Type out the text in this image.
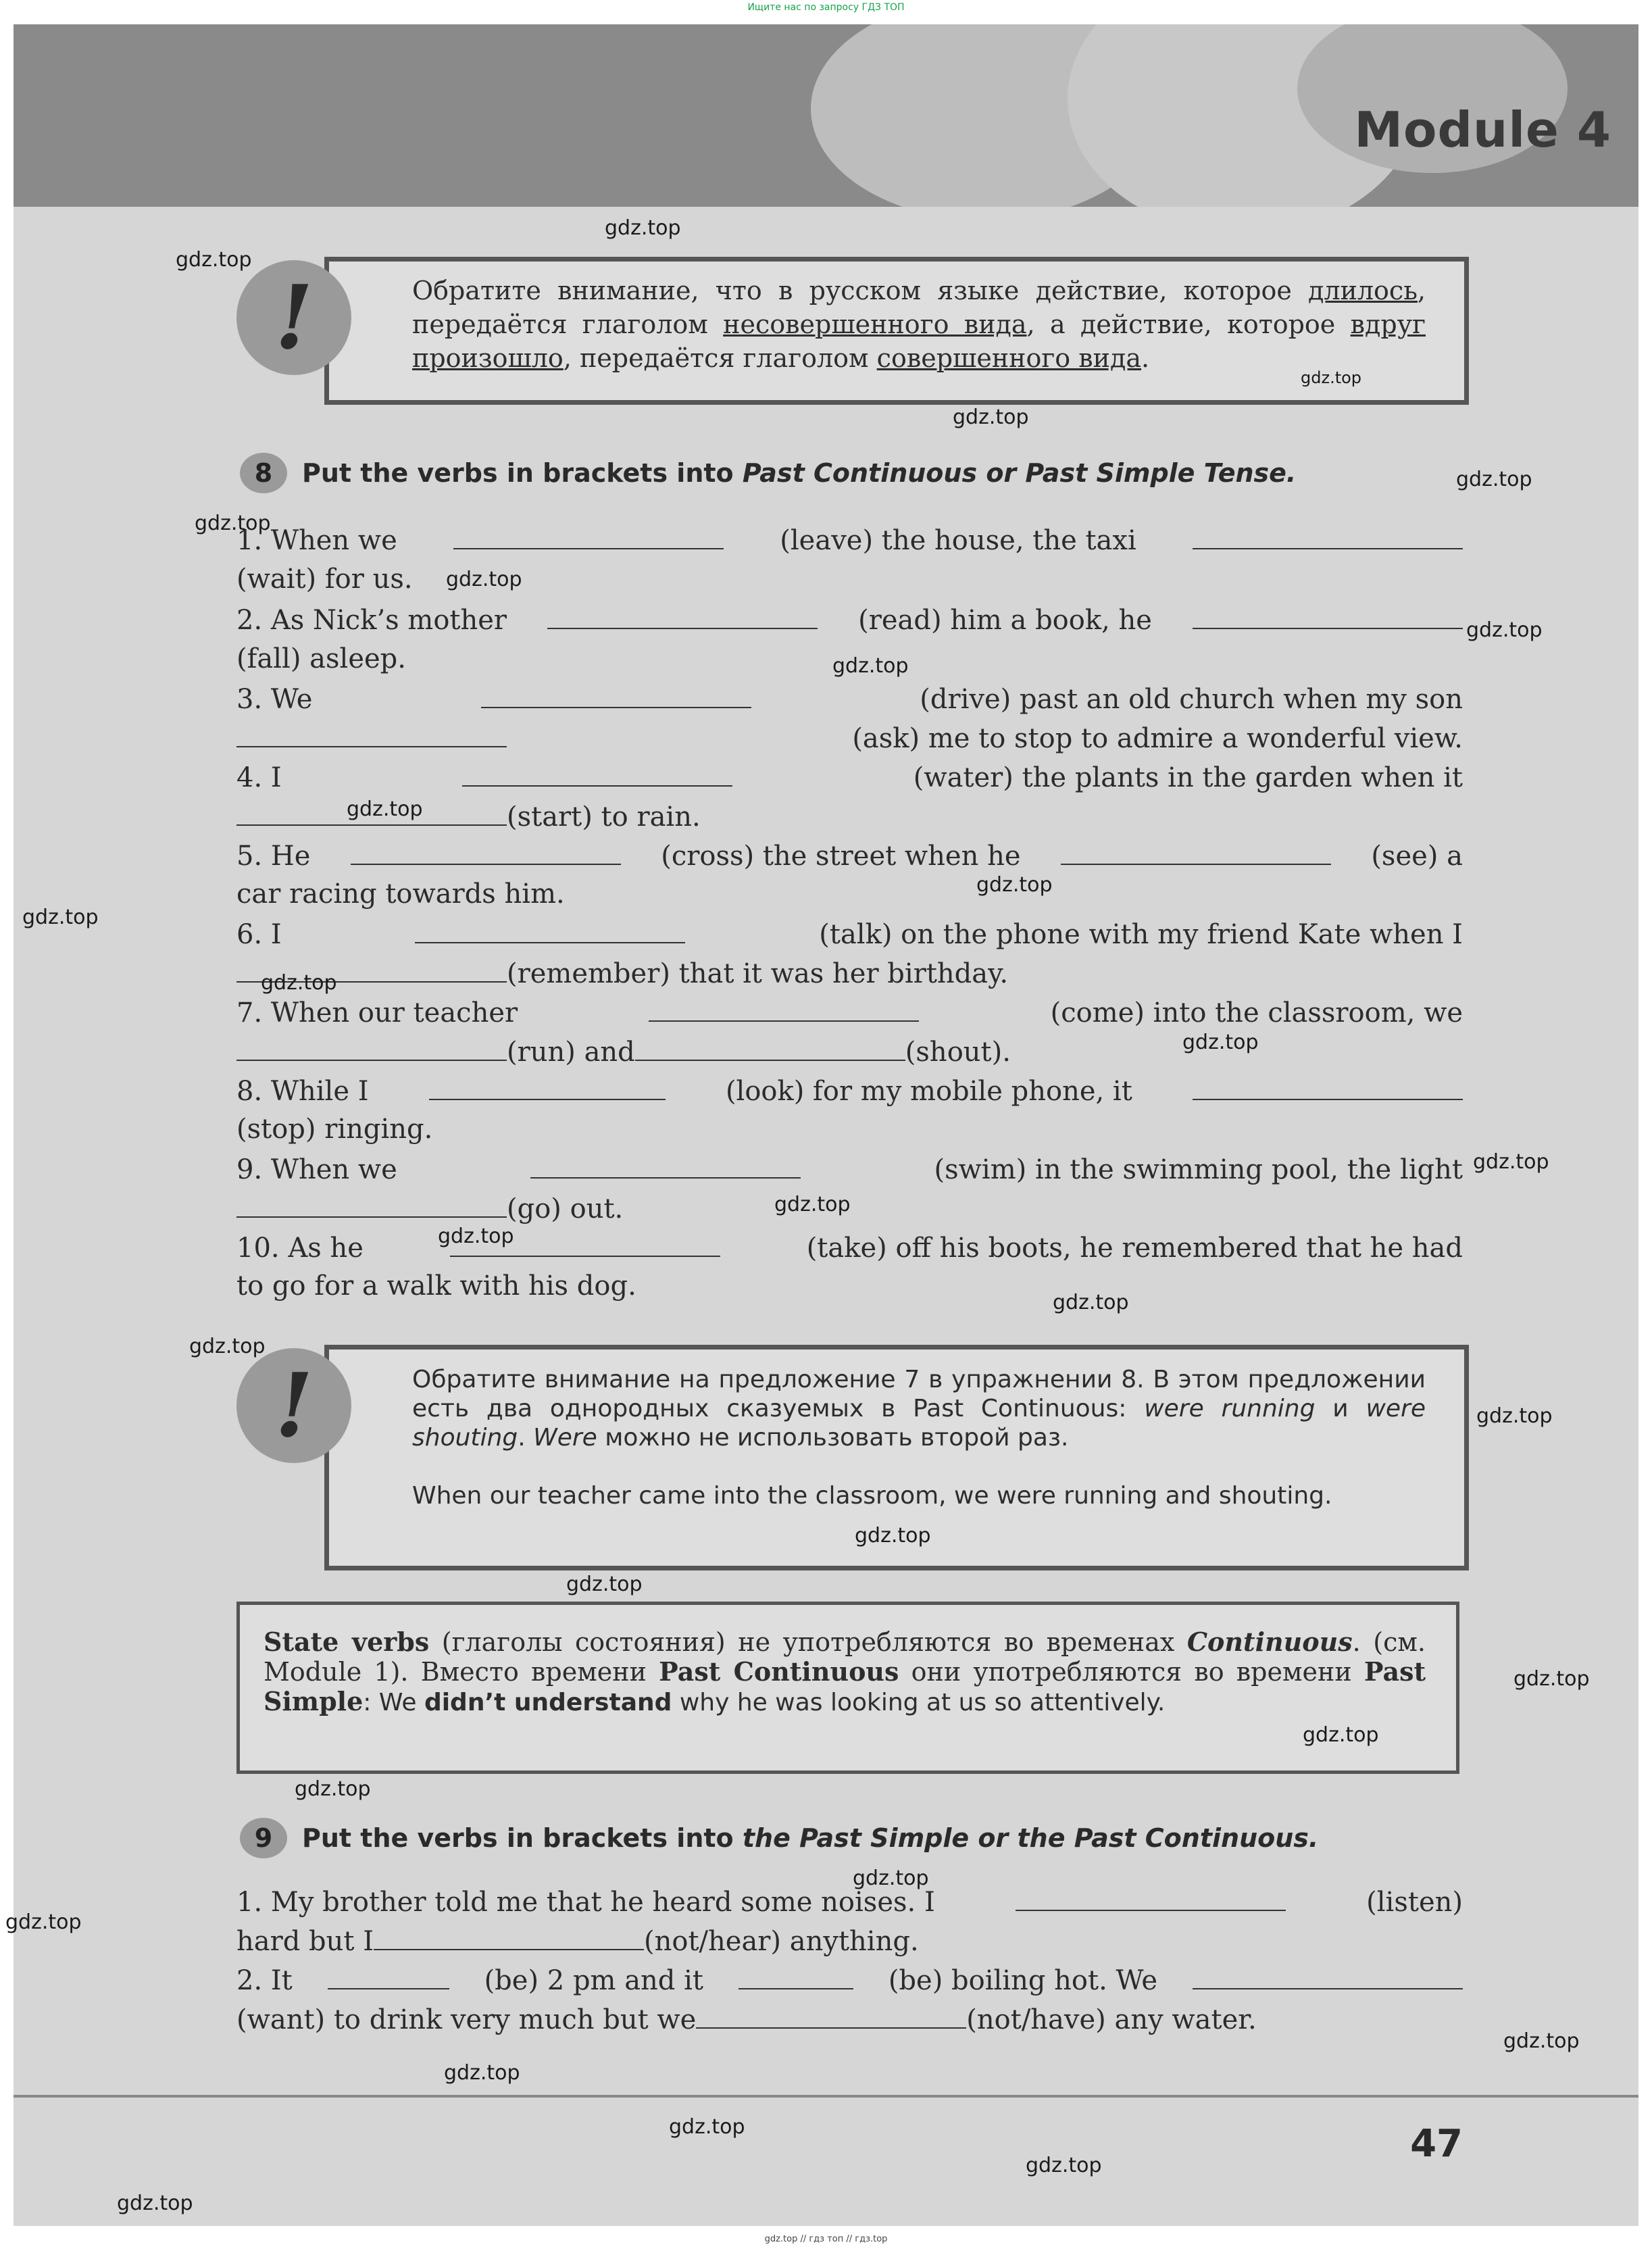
Ищите нас по запросу ГДЗ ТОП
Module 4
!	Обратите внимание, что в русском языке действие, которое длилось, передаётся глаголом несовершенного вида, а действие, которое вдруг произошло, передаётся глаголом совершенного вида.
8	Put the verbs in brackets into Past Continuous or Past Simple Tense.
1. When we	(leave) the house, the taxi
(wait) for us.
2. As Nick’s mother	(read) him a book, he
(fall) asleep.
3. We	(drive) past an old church when my son
(ask) me to stop to admire a wonderful view.
4. I	(water) the plants in the garden when it
(start) to rain.
5. He	(cross) the street when he	(see) a
car racing towards him.
6. I	(talk) on the phone with my friend Kate when I
(remember) that it was her birthday.
7. When our teacher	(come) into the classroom, we
(run) and	(shout).
8. While I	(look) for my mobile phone, it
(stop) ringing.
9. When we	(swim) in the swimming pool, the light
(go) out.
10. As he	(take) off his boots, he remembered that he had
to go for a walk with his dog.
!	Обратите внимание на предложение 7 в упражнении 8. В этом предложении есть два однородных сказуемых в Past Continuous: were running и were shouting. Were можно не использовать второй раз.
When our teacher came into the classroom, we were running and shouting.
State verbs (глаголы состояния) не употребляются во временах Continuous. (см. Module 1). Вместо времени Past Continuous они употребляются во времени Past Simple: We didn’t understand why he was looking at us so attentively.
9	Put the verbs in brackets into the Past Simple or the Past Continuous.
1. My brother told me that he heard some noises. I	(listen)
hard but I	(not/hear) anything.
2. It	(be) 2 pm and it	(be) boiling hot. We
(want) to drink very much but we	(not/have) any water.
47
gdz.top
gdz.top
gdz.top
gdz.top
gdz.top
gdz.top
gdz.top
gdz.top
gdz.top
gdz.top
gdz.top
gdz.top
gdz.top
gdz.top
gdz.top
gdz.top
gdz.top
gdz.top
gdz.top
gdz.top
gdz.top
gdz.top
gdz.top
gdz.top
gdz.top
gdz.top
gdz.top
gdz.top
gdz.top
gdz.top
gdz.top
gdz.top
gdz.top // гдз топ // гдз.top
